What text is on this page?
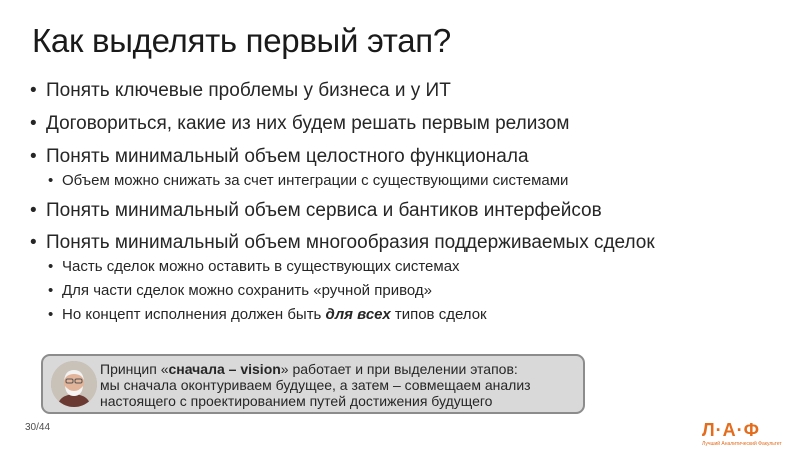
Как выделять первый этап?
• Понять ключевые проблемы у бизнеса и у ИТ
• Договориться, какие из них будем решать первым релизом
• Понять минимальный объем целостного функционала
• Объем можно снижать за счет интеграции с существующими системами
• Понять минимальный объем сервиса и бантиков интерфейсов
• Понять минимальный объем многообразия поддерживаемых сделок
• Часть сделок можно оставить в существующих системах
• Для части сделок можно сохранить «ручной привод»
• Но концепт исполнения должен быть для всех типов сделок
Принцип «сначала – vision» работает и при выделении этапов:
мы сначала оконтуриваем будущее, а затем – совмещаем анализ
настоящего с проектированием путей достижения будущего
30/44	Л·А·Ф
Лучший Аналитический Факультет
